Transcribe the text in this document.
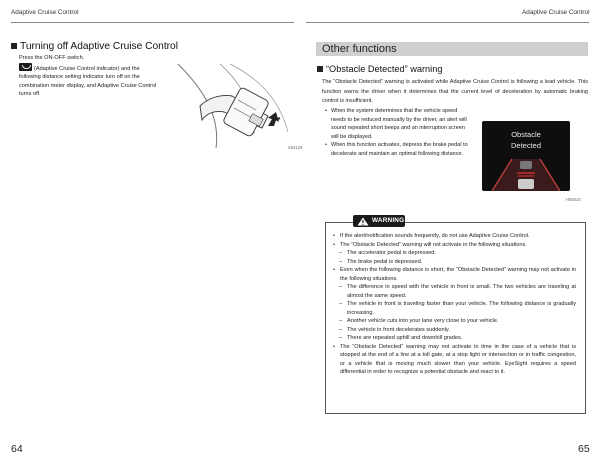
Adaptive Cruise Control
Turning off Adaptive Cruise Control
Press the ON-OFF switch.
(Adaptive Cruise Control indicator) and the following distance setting indicator turn off on the combination meter display, and Adaptive Cruise Control turns off.
S04129
64
Adaptive Cruise Control
Other functions
“Obstacle Detected” warning
The “Obstacle Detected” warning is activated while Adaptive Cruise Control is following a lead vehicle. This function warns the driver when it determines that the current level of deceleration by automatic braking control is insufficient.
• When the system determines that the vehicle speed needs to be reduced manually by the driver, an alert will sound repeated short beeps and an interruption screen will be displayed.
• When this function activates, depress the brake pedal to decelerate and maintain an optimal following distance.
Obstacle
Detected
H05010
WARNING
• If the alert/notification sounds frequently, do not use Adaptive Cruise Control.
• The “Obstacle Detected” warning will not activate in the following situations.
– The accelerator pedal is depressed.
– The brake pedal is depressed.
• Even when the following distance is short, the “Obstacle Detected” warning may not activate in the following situations.
– The difference in speed with the vehicle in front is small. The two vehicles are traveling at almost the same speed.
– The vehicle in front is traveling faster than your vehicle. The following distance is gradually increasing.
– Another vehicle cuts into your lane very close to your vehicle.
– The vehicle in front decelerates suddenly.
– There are repeated uphill and downhill grades.
• The “Obstacle Detected” warning may not activate in time in the case of a vehicle that is stopped at the end of a line at a toll gate, at a stop light or intersection or in traffic congestion, or a vehicle that is moving much slower than your vehicle. EyeSight requires a speed differential in order to recognize a potential obstacle and react to it.
65
